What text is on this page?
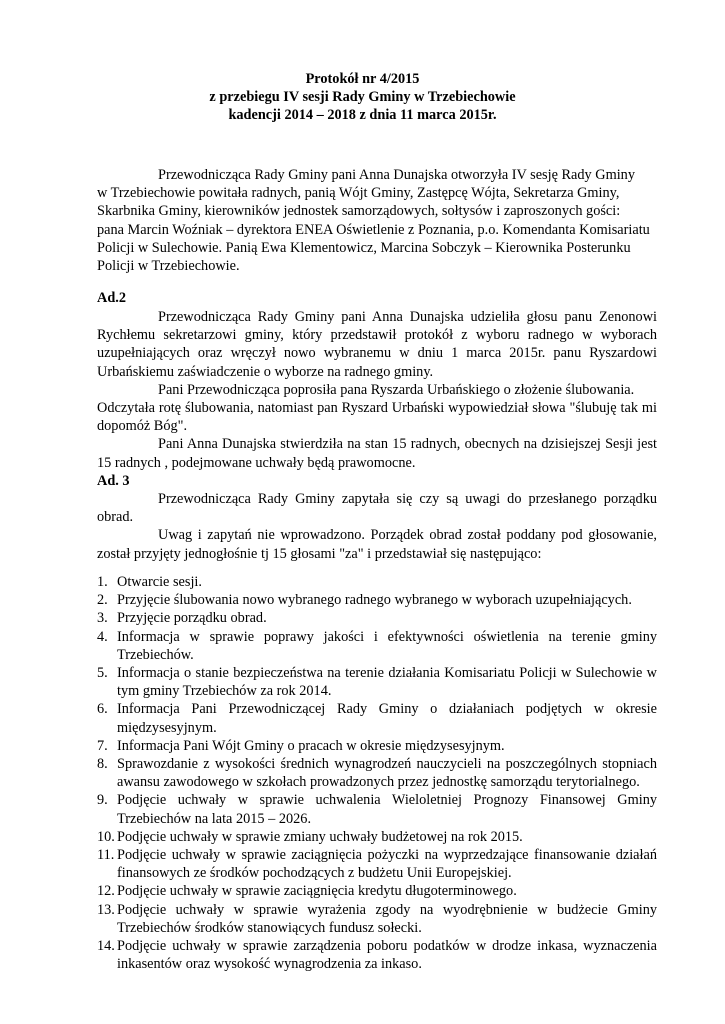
Protokół nr 4/2015
z przebiegu IV sesji Rady Gminy w Trzebiechowie
kadencji 2014 – 2018 z dnia 11 marca 2015r.
Przewodnicząca Rady Gminy pani Anna Dunajska otworzyła IV sesję Rady Gminy
w Trzebiechowie powitała radnych, panią Wójt Gminy, Zastępcę Wójta, Sekretarza Gminy,
Skarbnika Gminy, kierowników jednostek samorządowych, sołtysów i zaproszonych gości:
pana Marcin Woźniak – dyrektora ENEA Oświetlenie z Poznania, p.o. Komendanta Komisariatu
Policji w Sulechowie. Panią Ewa Klementowicz, Marcina Sobczyk – Kierownika Posterunku
Policji w Trzebiechowie.
Ad.2
Przewodnicząca Rady Gminy pani Anna Dunajska udzieliła głosu panu Zenonowi Rychłemu sekretarzowi gminy, który przedstawił protokół z wyboru radnego w wyborach uzupełniających oraz wręczył nowo wybranemu w dniu 1 marca 2015r. panu Ryszardowi Urbańskiemu zaświadczenie o wyborze na radnego gminy.
Pani Przewodnicząca poprosiła pana Ryszarda Urbańskiego o złożenie ślubowania.
Odczytała rotę ślubowania, natomiast pan Ryszard Urbański wypowiedział słowa "ślubuję tak mi dopomóż Bóg".
Pani Anna Dunajska stwierdziła na stan 15 radnych, obecnych na dzisiejszej Sesji jest 15 radnych , podejmowane uchwały będą prawomocne.
Ad. 3
Przewodnicząca Rady Gminy zapytała się czy są uwagi do przesłanego porządku obrad.
Uwag i zapytań nie wprowadzono. Porządek obrad został poddany pod głosowanie, został przyjęty jednogłośnie tj 15 głosami "za" i przedstawiał się następująco:
1. Otwarcie sesji.
2. Przyjęcie ślubowania nowo wybranego radnego wybranego w wyborach uzupełniających.
3. Przyjęcie porządku obrad.
4. Informacja w sprawie poprawy jakości i efektywności oświetlenia na terenie gminy Trzebiechów.
5. Informacja o stanie bezpieczeństwa na terenie działania Komisariatu Policji w Sulechowie w tym gminy Trzebiechów za rok 2014.
6. Informacja Pani Przewodniczącej Rady Gminy o działaniach podjętych w okresie międzysesyjnym.
7. Informacja Pani Wójt Gminy o pracach w okresie międzysesyjnym.
8. Sprawozdanie z wysokości średnich wynagrodzeń nauczycieli na poszczególnych stopniach awansu zawodowego w szkołach prowadzonych przez jednostkę samorządu terytorialnego.
9. Podjęcie uchwały w sprawie uchwalenia Wieloletniej Prognozy Finansowej Gminy Trzebiechów na lata 2015 – 2026.
10. Podjęcie uchwały w sprawie zmiany uchwały budżetowej na rok 2015.
11. Podjęcie uchwały w sprawie zaciągnięcia pożyczki na wyprzedzające finansowanie działań finansowych ze środków pochodzących z budżetu Unii Europejskiej.
12. Podjęcie uchwały w sprawie zaciągnięcia kredytu długoterminowego.
13. Podjęcie uchwały w sprawie wyrażenia zgody na wyodrębnienie w budżecie Gminy Trzebiechów środków stanowiących fundusz sołecki.
14. Podjęcie uchwały w sprawie zarządzenia poboru podatków w drodze inkasa, wyznaczenia inkasentów oraz wysokość wynagrodzenia za inkaso.
